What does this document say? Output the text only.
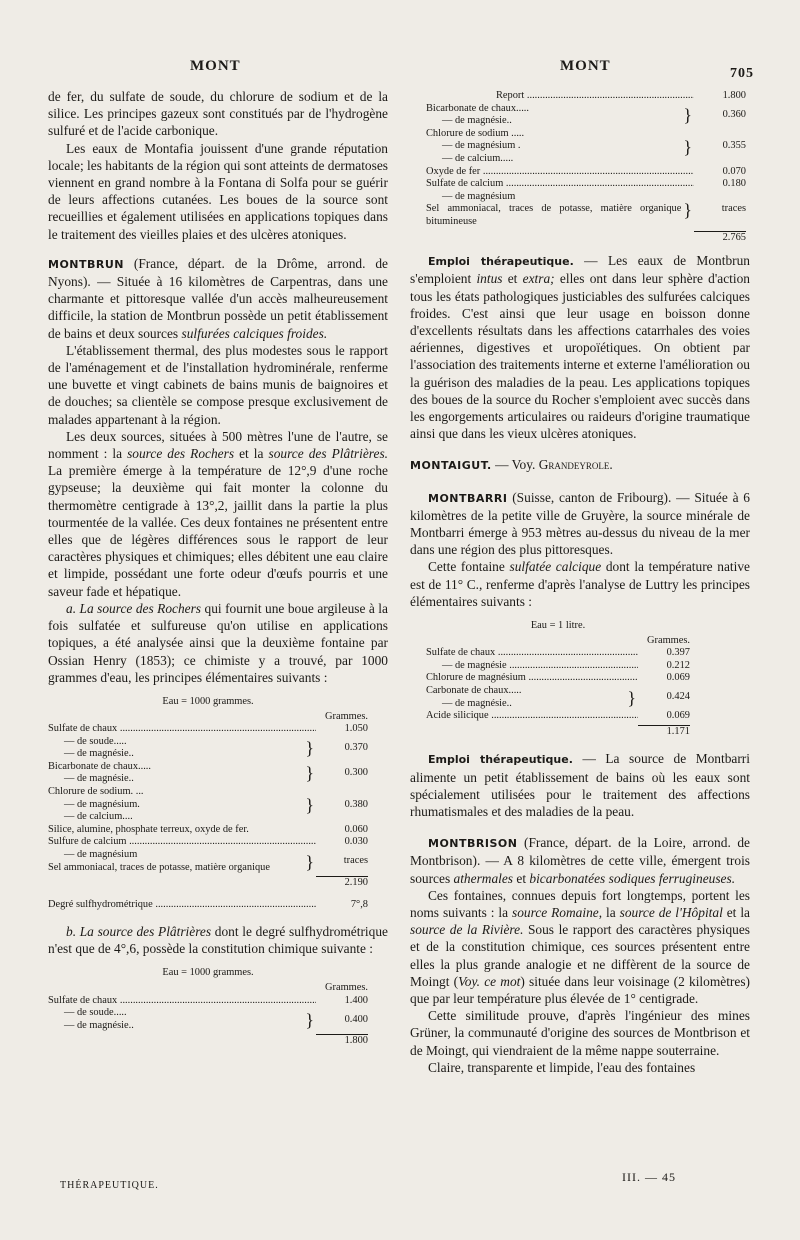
MONT	MONT	705

de fer, du sulfate de soude, du chlorure de sodium et de la silice. Les principes gazeux sont constitués par de l'hydrogène sulfuré et de l'acide carbonique.

Les eaux de Montafia jouissent d'une grande réputation locale; les habitants de la région qui sont atteints de dermatoses viennent en grand nombre à la Fontana di Solfa pour se guérir de leurs affections cutanées. Les boues de la source sont recueillies et également utilisées en applications topiques dans le traitement des vieilles plaies et des ulcères atoniques.

MONTBRUN (France, départ. de la Drôme, arrond. de Nyons). — Située à 16 kilomètres de Carpentras, dans une charmante et pittoresque vallée d'un accès malheureusement difficile, la station de Montbrun possède un petit établissement de bains et deux sources sulfurées calciques froides.

L'établissement thermal, des plus modestes sous le rapport de l'aménagement et de l'installation hydrominérale, renferme une buvette et vingt cabinets de bains munis de baignoires et de douches; sa clientèle se compose presque exclusivement de malades appartenant à la région.

Les deux sources, situées à 500 mètres l'une de l'autre, se nomment : la source des Rochers et la source des Plâtrières. La première émerge à la température de 12°,9 d'une roche gypseuse; la deuxième qui fait monter la colonne du thermomètre centigrade à 13°,2, jaillit dans la partie la plus tourmentée de la vallée. Ces deux fontaines ne présentent entre elles que de légères différences sous le rapport de leur caractères physiques et chimiques; elles débitent une eau claire et limpide, possédant une forte odeur d'œufs pourris et une saveur fade et hépatique.

a. La source des Rochers qui fournit une boue argileuse à la fois sulfatée et sulfureuse qu'on utilise en applications topiques, a été analysée ainsi que la deuxième fontaine par Ossian Henry (1853); ce chimiste y a trouvé, par 1000 grammes d'eau, les principes élémentaires suivants :

Eau = 1000 grammes.
Grammes.
Sulfate de chaux .....	1.050
— de soude.....
— de magnésie..	}	0.370
Bicarbonate de chaux.....
— de magnésie..	}	0.300
Chlorure de sodium. ...
— de magnésium.
— de calcium....
}	0.380
Silice, alumine, phosphate terreux, oxyde de fer.	0.060
Sulfure de calcium .....	0.030
— de magnésium
Sel ammoniacal, traces de potasse, matière organique	}	traces
2.190
Degré sulfhydrométrique .....	7°,8

b. La source des Plâtrières dont le degré sulfhydrométrique n'est que de 4°,6, possède la constitution chimique suivante :

Eau = 1000 grammes.
Grammes.
Sulfate de chaux .....	1.400
— de soude.....
— de magnésie..	}	0.400
1.800
THÉRAPEUTIQUE.
Report .....	1.800
Bicarbonate de chaux.....
— de magnésie..	}	0.360
Chlorure de sodium .....
— de magnésium .
— de calcium.....
}	0.355
Oxyde de fer .....	0.070
Sulfate de calcium .....	0.180
— de magnésium
Sel ammoniacal, traces de potasse, matière organique bitumineuse
}	traces
2.765

Emploi thérapeutique. — Les eaux de Montbrun s'emploient intus et extra; elles ont dans leur sphère d'action tous les états pathologiques justiciables des sulfurées calciques froides. C'est ainsi que leur usage en boisson donne d'excellents résultats dans les affections catarrhales des voies aériennes, digestives et uropoïétiques. On obtient par l'association des traitements interne et externe l'amélioration ou la guérison des maladies de la peau. Les applications topiques des boues de la source du Rocher s'emploient avec succès dans les engorgements articulaires ou raideurs d'origine traumatique ainsi que dans les vieux ulcères atoniques.

MONTAIGUT. — Voy. Grandeyrole.

MONTBARRI (Suisse, canton de Fribourg). — Située à 6 kilomètres de la petite ville de Gruyère, la source minérale de Montbarri émerge à 953 mètres au-dessus du niveau de la mer dans une région des plus pittoresques.

Cette fontaine sulfatée calcique dont la température native est de 11° C., renferme d'après l'analyse de Luttry les principes élémentaires suivants :

Eau = 1 litre.
Grammes.
Sulfate de chaux .....	0.397
— de magnésie .....	0.212
Chlorure de magnésium .....	0.069
Carbonate de chaux.....
— de magnésie..	}	0.424
Acide silicique .....	0.069
1.171

Emploi thérapeutique. — La source de Montbarri alimente un petit établissement de bains où les eaux sont spécialement utilisées pour le traitement des affections rhumatismales et des maladies de la peau.

MONTBRISON (France, départ. de la Loire, arrond. de Montbrison). — A 8 kilomètres de cette ville, émergent trois sources athermales et bicarbonatées sodiques ferrugineuses.

Ces fontaines, connues depuis fort longtemps, portent les noms suivants : la source Romaine, la source de l'Hôpital et la source de la Rivière. Sous le rapport des caractères physiques et de la constitution chimique, ces sources présentent entre elles la plus grande analogie et ne diffèrent de la source de Moingt (Voy. ce mot) située dans leur voisinage (2 kilomètres) que par leur température plus élevée de 1° centigrade.

Cette similitude prouve, d'après l'ingénieur des mines Grüner, la communauté d'origine des sources de Montbrison et de Moingt, qui viendraient de la même nappe souterraine.

Claire, transparente et limpide, l'eau des fontaines

III. — 45
